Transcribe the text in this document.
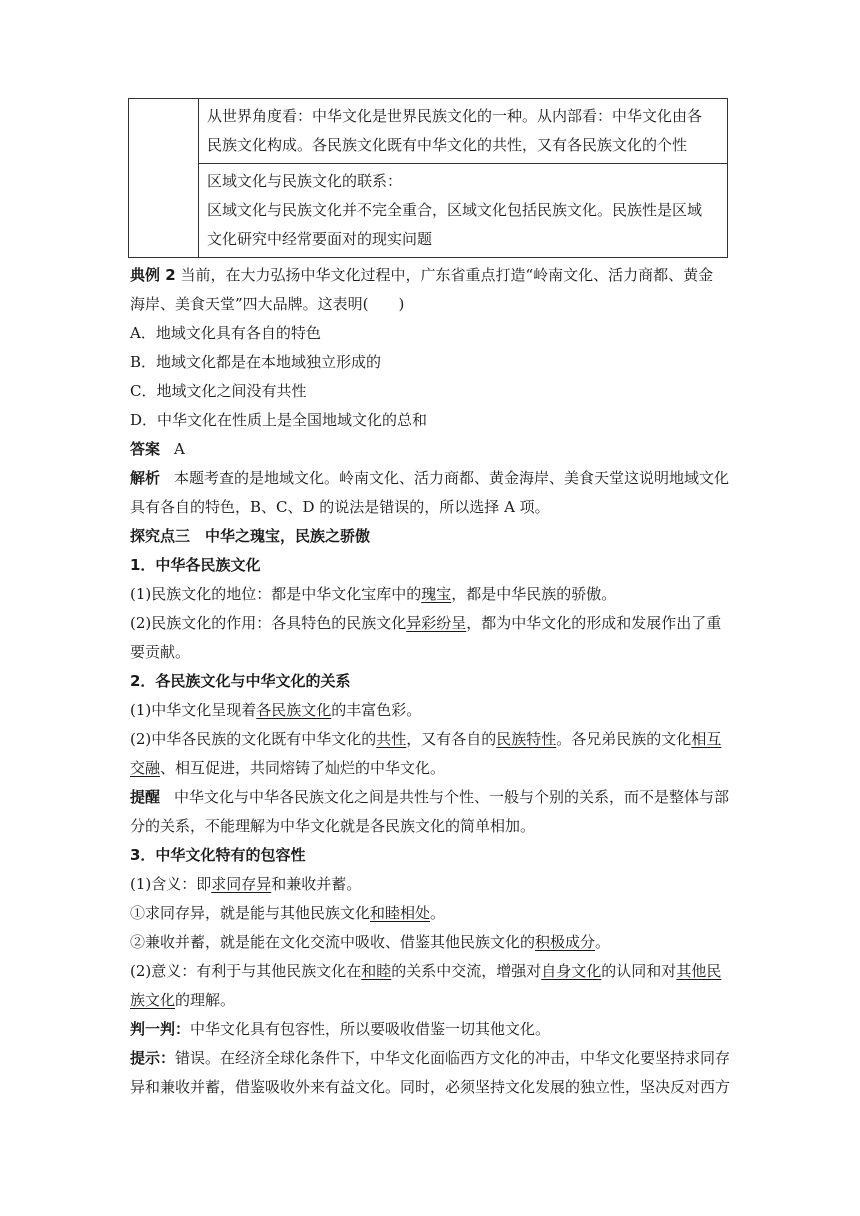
从世界角度看：中华文化是世界民族文化的一种。从内部看：中华文化由各
民族文化构成。各民族文化既有中华文化的共性，又有各民族文化的个性

区域文化与民族文化的联系：
区域文化与民族文化并不完全重合，区域文化包括民族文化。民族性是区域
文化研究中经常要面对的现实问题

典例 2 当前，在大力弘扬中华文化过程中，广东省重点打造“岭南文化、活力商都、黄金

海岸、美食天堂”四大品牌。这表明(　　)

A．地域文化具有各自的特色

B．地域文化都是在本地域独立形成的

C．地域文化之间没有共性

D．中华文化在性质上是全国地域文化的总和

答案 A

解析 本题考查的是地域文化。岭南文化、活力商都、黄金海岸、美食天堂这说明地域文化

具有各自的特色，B、C、D 的说法是错误的，所以选择 A 项。

探究点三　中华之瑰宝，民族之骄傲

1．中华各民族文化

(1)民族文化的地位：都是中华文化宝库中的瑰宝，都是中华民族的骄傲。

(2)民族文化的作用：各具特色的民族文化异彩纷呈，都为中华文化的形成和发展作出了重

要贡献。

2．各民族文化与中华文化的关系

(1)中华文化呈现着各民族文化的丰富色彩。

(2)中华各民族的文化既有中华文化的共性，又有各自的民族特性。各兄弟民族的文化相互

交融、相互促进，共同熔铸了灿烂的中华文化。

提醒 中华文化与中华各民族文化之间是共性与个性、一般与个别的关系，而不是整体与部

分的关系，不能理解为中华文化就是各民族文化的简单相加。

3．中华文化特有的包容性

(1)含义：即求同存异和兼收并蓄。

①求同存异，就是能与其他民族文化和睦相处。

②兼收并蓄，就是能在文化交流中吸收、借鉴其他民族文化的积极成分。

(2)意义：有利于与其他民族文化在和睦的关系中交流，增强对自身文化的认同和对其他民

族文化的理解。

判一判：中华文化具有包容性，所以要吸收借鉴一切其他文化。

提示：错误。在经济全球化条件下，中华文化面临西方文化的冲击，中华文化要坚持求同存

异和兼收并蓄，借鉴吸收外来有益文化。同时，必须坚持文化发展的独立性，坚决反对西方
